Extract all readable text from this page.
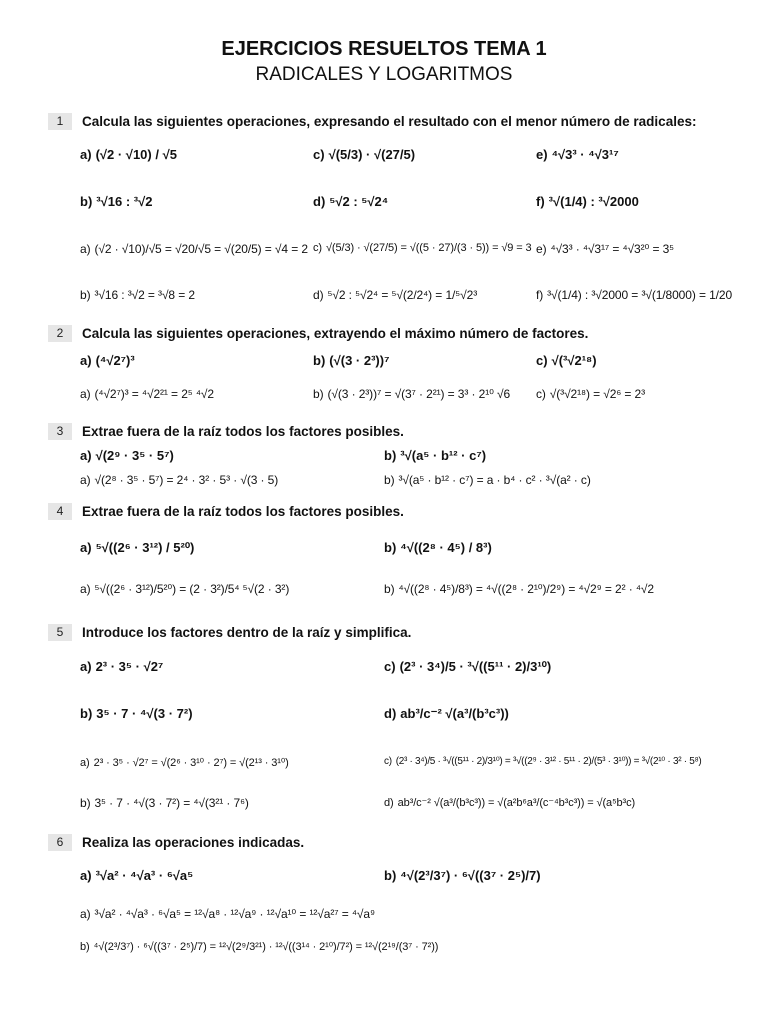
EJERCICIOS RESUELTOS TEMA 1
RADICALES Y LOGARITMOS
1	Calcula las siguientes operaciones, expresando el resultado con el menor número de radicales:
a) (√2 · √10) / √5	c) √(5/3) · √(27/5)	e) ⁴√3³ · ⁴√3¹⁷
b) ³√16 : ³√2	d) ⁵√2 : ⁵√2⁴	f) ³√(1/4) : ³√2000
a) (√2 · √10)/√5 = √20/√5 = √(20/5) = √4 = 2 c) √(5/3) · √(27/5) = √((5 · 27)/(3 · 5)) = √9 = 3 e) ⁴√3³ · ⁴√3¹⁷ = ⁴√3²⁰ = 3⁵
b) ³√16 : ³√2 = ³√8 = 2	d) ⁵√2 : ⁵√2⁴ = ⁵√(2/2⁴) = 1/⁵√2³	f) ³√(1/4) : ³√2000 = ³√(1/8000) = 1/20
2	Calcula las siguientes operaciones, extrayendo el máximo número de factores.
a) (⁴√2⁷)³	b) (√(3 · 2³))⁷	c) √(³√2¹⁸)
a) (⁴√2⁷)³ = ⁴√2²¹ = 2⁵ ⁴√2	b) (√(3 · 2³))⁷ = √(3⁷ · 2²¹) = 3³ · 2¹⁰ √6 c) √(³√2¹⁸) = √2⁶ = 2³
3	Extrae fuera de la raíz todos los factores posibles.
a) √(2⁹ · 3⁵ · 5⁷)	b) ³√(a⁵ · b¹² · c⁷)
a) √(2⁸ · 3⁵ · 5⁷) = 2⁴ · 3² · 5³ · √(3 · 5)	b) ³√(a⁵ · b¹² · c⁷) = a · b⁴ · c² · ³√(a² · c)
4	Extrae fuera de la raíz todos los factores posibles.
a) ⁵√((2⁶ · 3¹²) / 5²⁰)	b) ⁴√((2⁸ · 4⁵) / 8³)
a) ⁵√((2⁶ · 3¹²)/5²⁰) = (2 · 3²)/5⁴ ⁵√(2 · 3²)	b) ⁴√((2⁸ · 4⁵)/8³) = ⁴√((2⁸ · 2¹⁰)/2⁹) = ⁴√2⁹ = 2² · ⁴√2
5	Introduce los factores dentro de la raíz y simplifica.
a) 2³ · 3⁵ · √2⁷	c) (2³ · 3⁴)/5 · ³√((5¹¹ · 2)/3¹⁰)
b) 3⁵ · 7 · ⁴√(3 · 7²)	d) ab³/c⁻² √(a³/(b³c³))
a) 2³ · 3⁵ · √2⁷ = √(2⁶ · 3¹⁰ · 2⁷) = √(2¹³ · 3¹⁰)	c) (2³ · 3⁴)/5 · ³√((5¹¹ · 2)/3¹⁰) = ³√((2⁹ · 3¹² · 5¹¹ · 2)/(5³ · 3¹⁰)) = ³√(2¹⁰ · 3² · 5⁸)
b) 3⁵ · 7 · ⁴√(3 · 7²) = ⁴√(3²¹ · 7⁶)	d) ab³/c⁻² √(a³/(b³c³)) = √(a²b⁶a³/(c⁻⁴b³c³)) = √(a⁵b³c)
6	Realiza las operaciones indicadas.
a) ³√a² · ⁴√a³ · ⁶√a⁵	b) ⁴√(2³/3⁷) · ⁶√((3⁷ · 2⁵)/7)
a) ³√a² · ⁴√a³ · ⁶√a⁵ = ¹²√a⁸ · ¹²√a⁹ · ¹²√a¹⁰ = ¹²√a²⁷ = ⁴√a⁹
b) ⁴√(2³/3⁷) · ⁶√((3⁷ · 2⁵)/7) = ¹²√(2⁹/3²¹) · ¹²√((3¹⁴ · 2¹⁰)/7²) = ¹²√(2¹⁹/(3⁷ · 7²))
